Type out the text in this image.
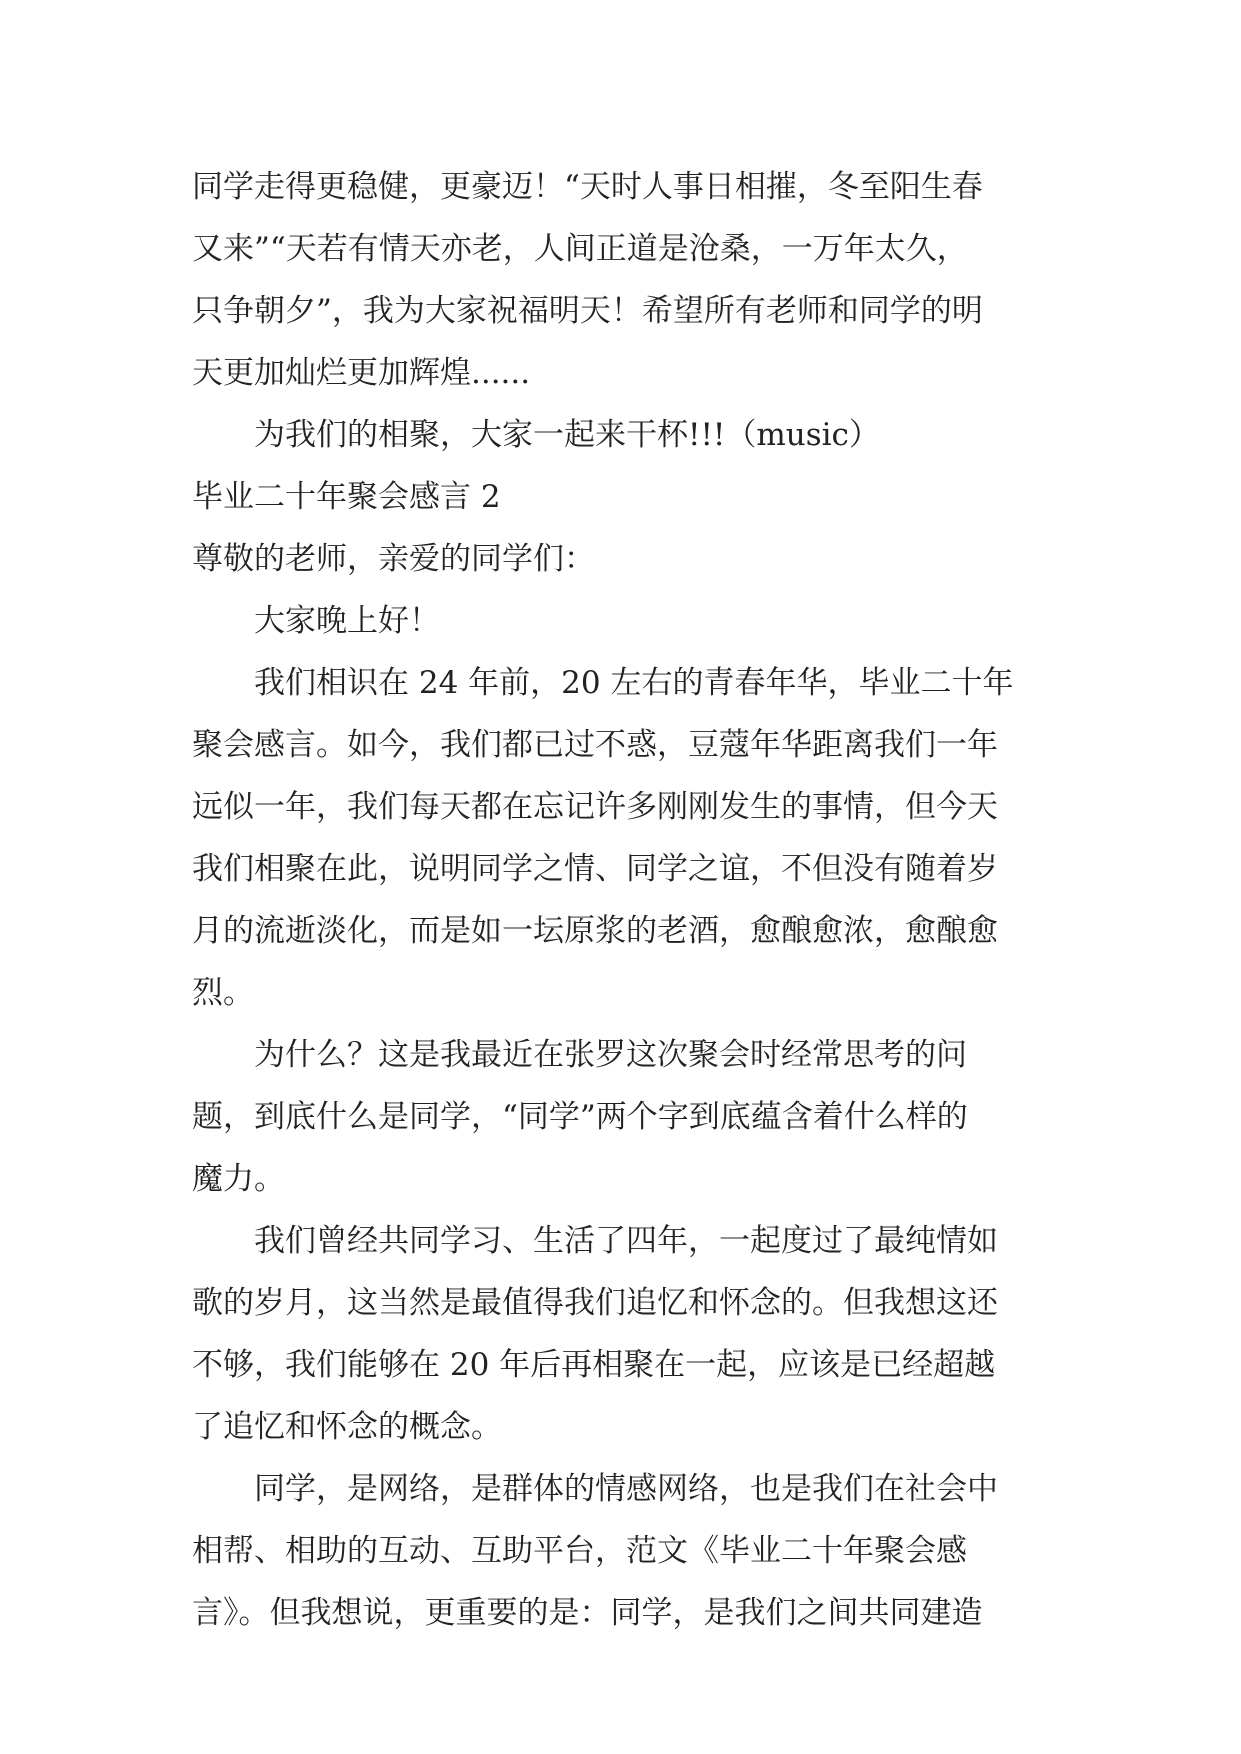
同学走得更稳健，更豪迈！“天时人事日相摧，冬至阳生春
又来”“天若有情天亦老，人间正道是沧桑，一万年太久，
只争朝夕”，我为大家祝福明天！希望所有老师和同学的明
天更加灿烂更加辉煌......
为我们的相聚，大家一起来干杯!!!（music）
毕业二十年聚会感言 2
尊敬的老师，亲爱的同学们：
大家晚上好！
我们相识在 24 年前，20 左右的青春年华，毕业二十年
聚会感言。如今，我们都已过不惑，豆蔻年华距离我们一年
远似一年，我们每天都在忘记许多刚刚发生的事情，但今天
我们相聚在此，说明同学之情、同学之谊，不但没有随着岁
月的流逝淡化，而是如一坛原浆的老酒，愈酿愈浓，愈酿愈
烈。
为什么？这是我最近在张罗这次聚会时经常思考的问
题，到底什么是同学，“同学”两个字到底蕴含着什么样的
魔力。
我们曾经共同学习、生活了四年，一起度过了最纯情如
歌的岁月，这当然是最值得我们追忆和怀念的。但我想这还
不够，我们能够在 20 年后再相聚在一起，应该是已经超越
了追忆和怀念的概念。
同学，是网络，是群体的情感网络，也是我们在社会中
相帮、相助的互动、互助平台，范文《毕业二十年聚会感
言》。但我想说，更重要的是：同学，是我们之间共同建造
